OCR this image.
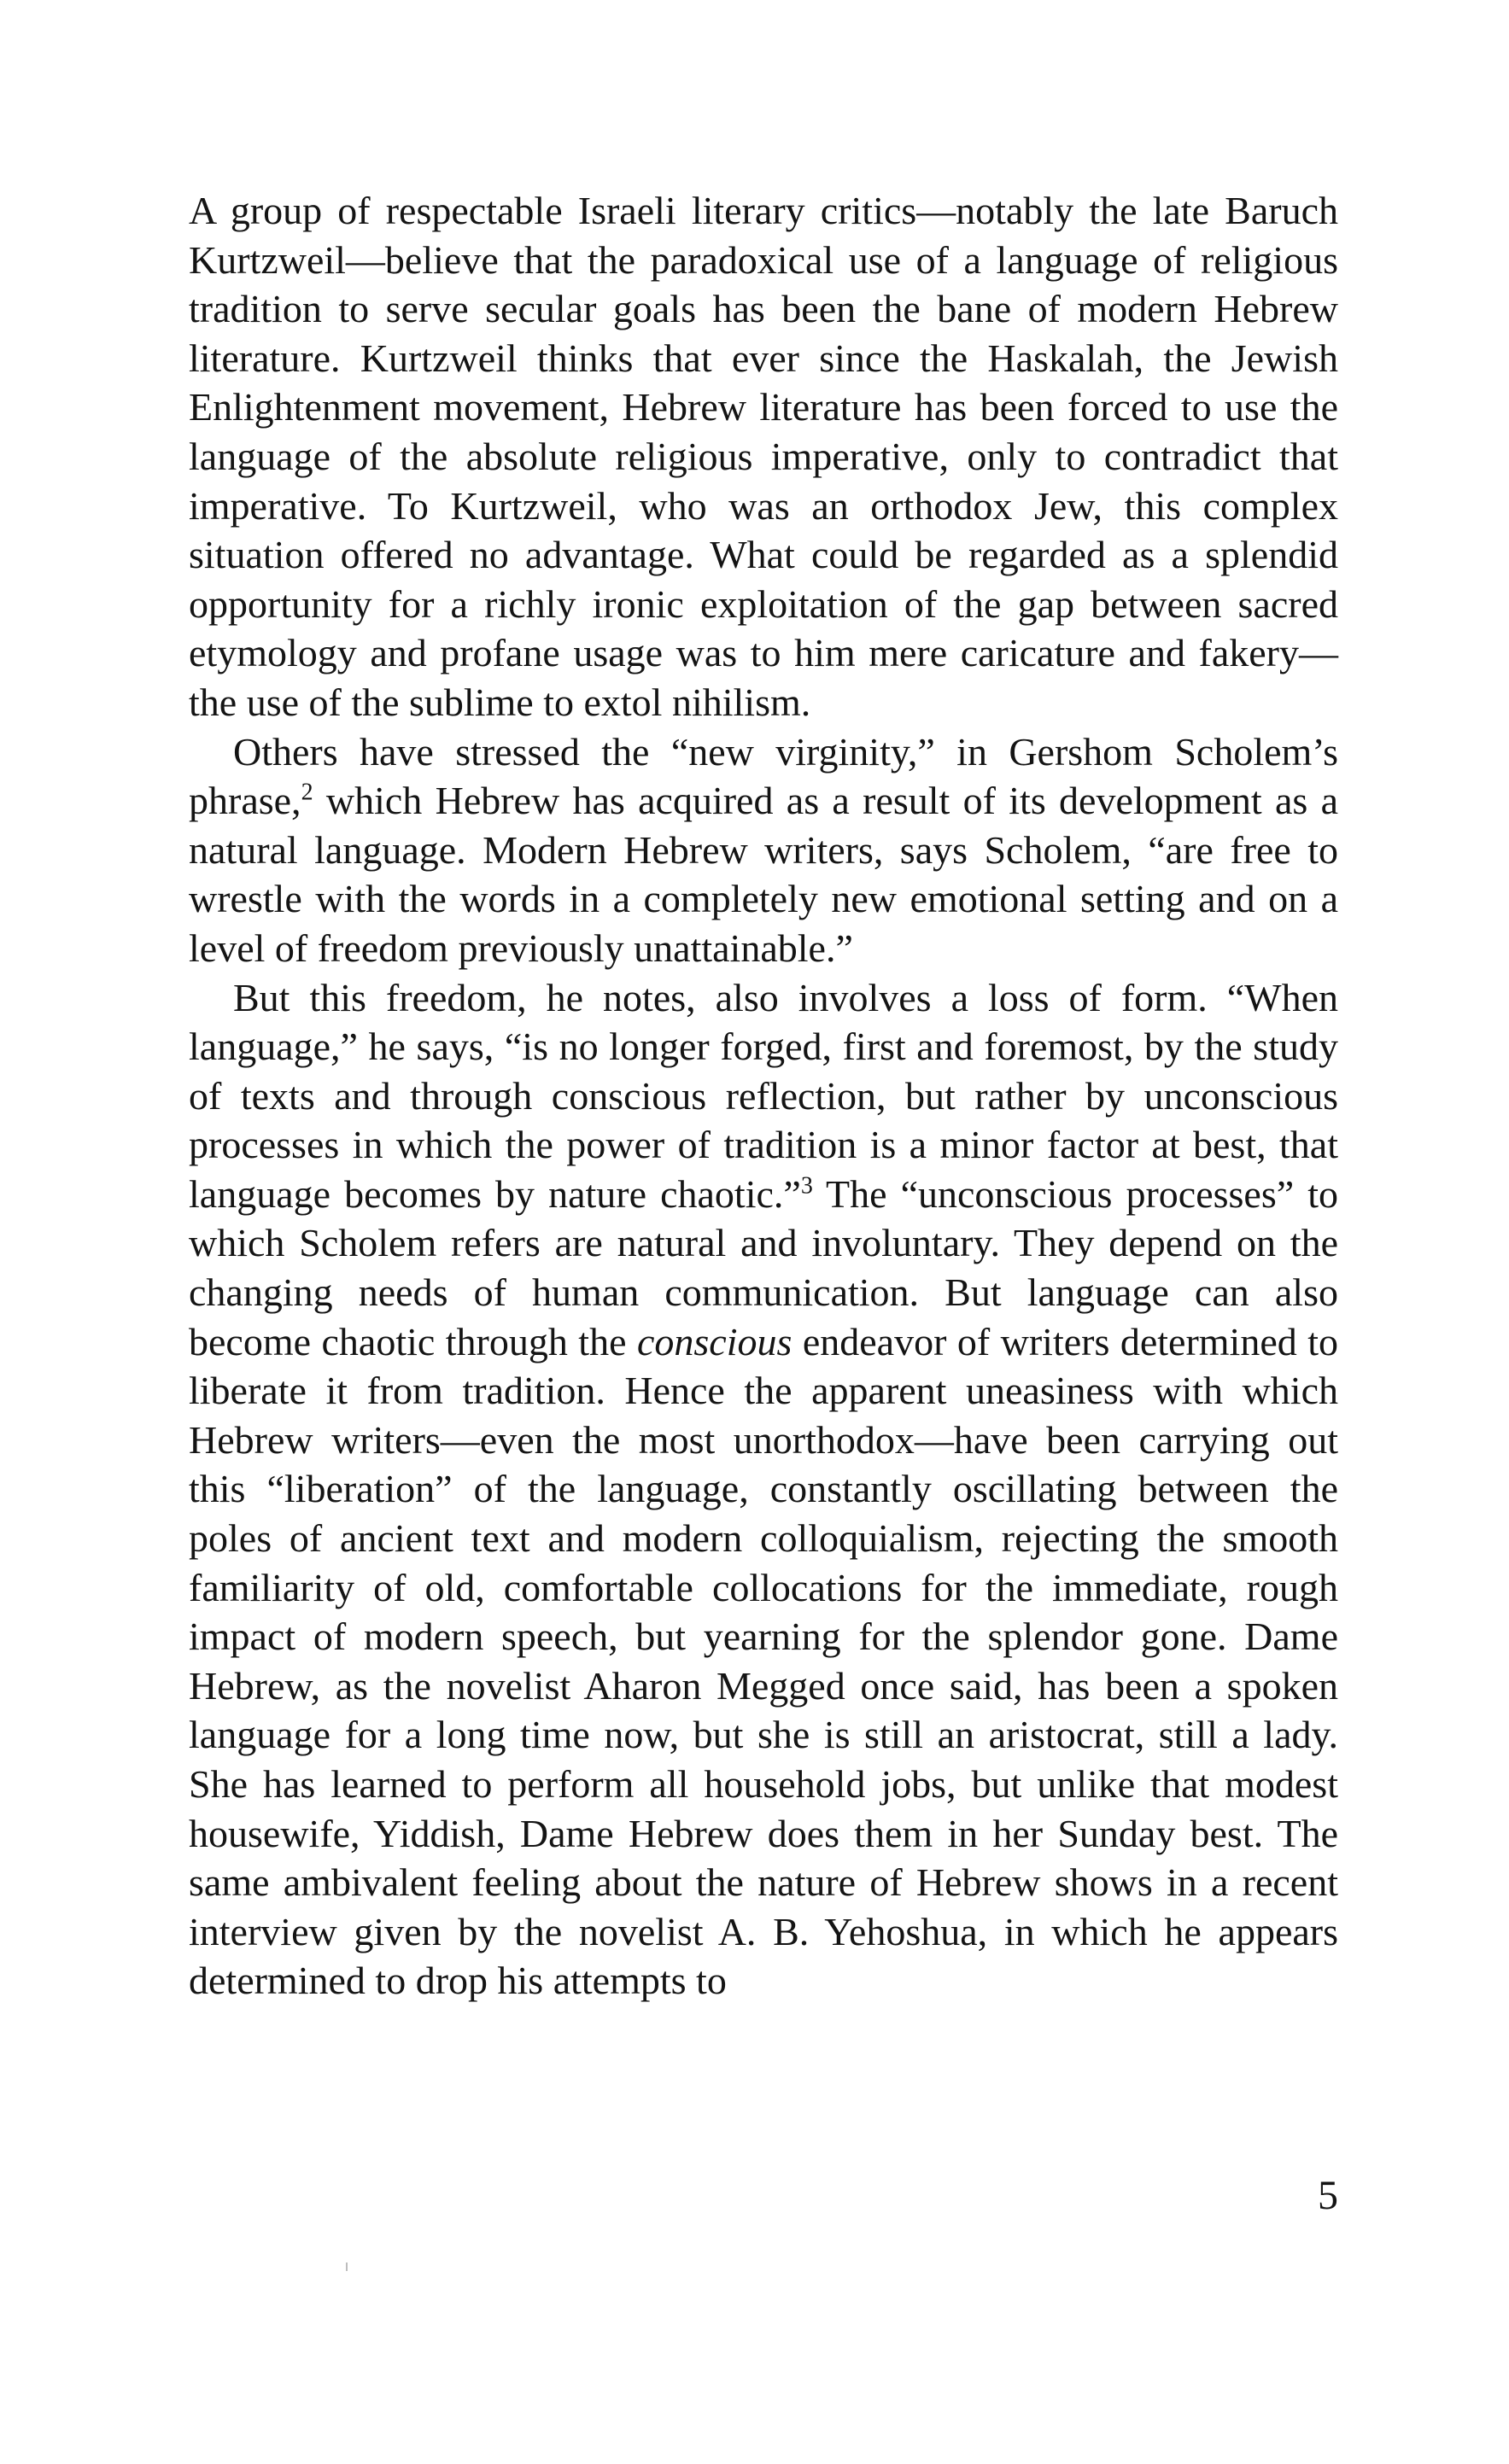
A group of respectable Israeli literary critics—notably the late Baruch Kurtzweil—believe that the paradoxical use of a language of religious tradition to serve secular goals has been the bane of modern Hebrew literature. Kurtzweil thinks that ever since the Haskalah, the Jewish Enlightenment movement, Hebrew literature has been forced to use the language of the absolute religious imperative, only to contradict that imperative. To Kurtzweil, who was an orthodox Jew, this complex situation offered no advantage. What could be regarded as a splendid opportunity for a richly ironic exploitation of the gap between sacred etymology and profane usage was to him mere caricature and fakery—the use of the sublime to extol nihilism.

Others have stressed the “new virginity,” in Gershom Scholem’s phrase,$^2$ which Hebrew has acquired as a result of its development as a natural language. Modern Hebrew writers, says Scholem, “are free to wrestle with the words in a completely new emotional setting and on a level of freedom previously unattainable.”

But this freedom, he notes, also involves a loss of form. “When language,” he says, “is no longer forged, first and foremost, by the study of texts and through conscious reflection, but rather by unconscious processes in which the power of tradition is a minor factor at best, that language becomes by nature chaotic.”$^3$ The “unconscious processes” to which Scholem refers are natural and involuntary. They depend on the changing needs of human communication. But language can also become chaotic through the conscious endeavor of writers determined to liberate it from tradition. Hence the apparent uneasiness with which Hebrew writers—even the most unorthodox—have been carrying out this “liberation” of the language, constantly oscillating between the poles of ancient text and modern colloquialism, rejecting the smooth familiarity of old, comfortable collocations for the immediate, rough impact of modern speech, but yearning for the splendor gone. Dame Hebrew, as the novelist Aharon Megged once said, has been a spoken language for a long time now, but she is still an aristocrat, still a lady. She has learned to perform all household jobs, but unlike that modest housewife, Yiddish, Dame Hebrew does them in her Sunday best. The same ambivalent feeling about the nature of Hebrew shows in a recent interview given by the novelist A. B. Yehoshua, in which he appears determined to drop his attempts to

5
